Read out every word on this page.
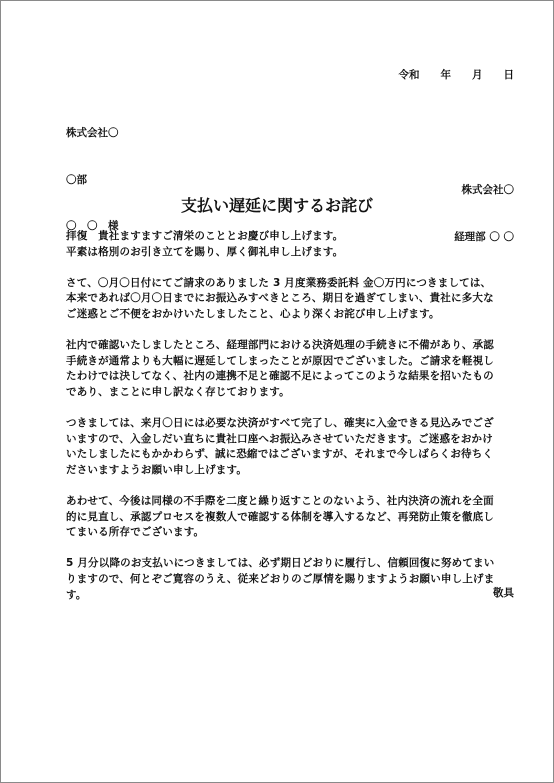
令和　　年　　月　　日

株式会社〇

〇部

〇　〇　様

株式会社〇

経理部 〇 〇

支払い遅延に関するお詫び
拝復　貴社ますますご清栄のこととお慶び申し上げます。
平素は格別のお引き立てを賜り、厚く御礼申し上げます。
さて、〇月〇日付にてご請求のありました 3 月度業務委託料 金〇万円につきましては、
本来であれば〇月〇日までにお振込みすべきところ、期日を過ぎてしまい、貴社に多大な
ご迷惑とご不便をおかけいたしましたこと、心より深くお詫び申し上げます。
社内で確認いたしましたところ、経理部門における決済処理の手続きに不備があり、承認
手続きが通常よりも大幅に遅延してしまったことが原因でございました。ご請求を軽視し
たわけでは決してなく、社内の連携不足と確認不足によってこのような結果を招いたもの
であり、まことに申し訳なく存じております。
つきましては、来月〇日には必要な決済がすべて完了し、確実に入金できる見込みでござ
いますので、入金しだい直ちに貴社口座へお振込みさせていただきます。ご迷惑をおかけ
いたしましたにもかかわらず、誠に恐縮ではございますが、それまで今しばらくお待ちく
ださいますようお願い申し上げます。
あわせて、今後は同様の不手際を二度と繰り返すことのないよう、社内決済の流れを全面
的に見直し、承認プロセスを複数人で確認する体制を導入するなど、再発防止策を徹底し
てまいる所存でございます。
5 月分以降のお支払いにつきましては、必ず期日どおりに履行し、信頼回復に努めてまい
りますので、何とぞご寛容のうえ、従来どおりのご厚情を賜りますようお願い申し上げま
す。	敬具
